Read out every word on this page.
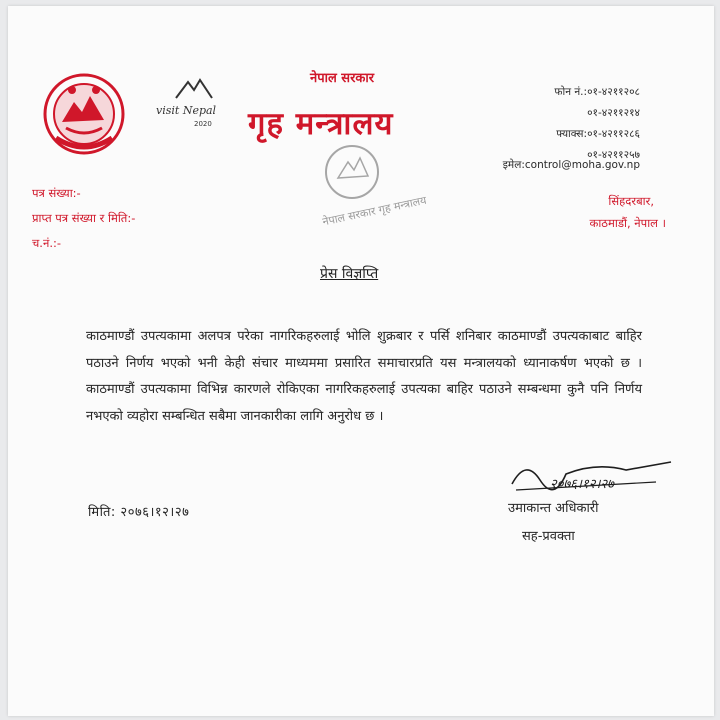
visit Nepal
2020
नेपाल सरकार गृह मन्त्रालय
नेपाल सरकार
गृह मन्त्रालय
फोन नं.:०१-४२११२०८
०१-४२११२१४
फ्याक्स:०१-४२११२८६
०१-४२११२५७
इमेल:control@moha.gov.np
सिंहदरबार,
काठमाडौं, नेपाल ।
पत्र संख्या:-
प्राप्त पत्र संख्या र मिति:-
च.नं.:-
प्रेस विज्ञप्ति
काठमाण्डौं उपत्यकामा अलपत्र परेका नागरिकहरुलाई भोलि शुक्रबार र पर्सि शनिबार काठमाण्डौं उपत्यकाबाट बाहिर पठाउने निर्णय भएको भनी केही संचार माध्यममा प्रसारित समाचारप्रति यस मन्त्रालयको ध्यानाकर्षण भएको छ । काठमाण्डौं उपत्यकामा विभिन्न कारणले रोकिएका नागरिकहरुलाई उपत्यका बाहिर पठाउने सम्बन्धमा कुनै पनि निर्णय नभएको व्यहोरा सम्बन्धित सबैमा जानकारीका लागि अनुरोध छ ।
२०७६।१२।२७
मिति: २०७६।१२।२७	उमाकान्त अधिकारी
सह-प्रवक्ता
